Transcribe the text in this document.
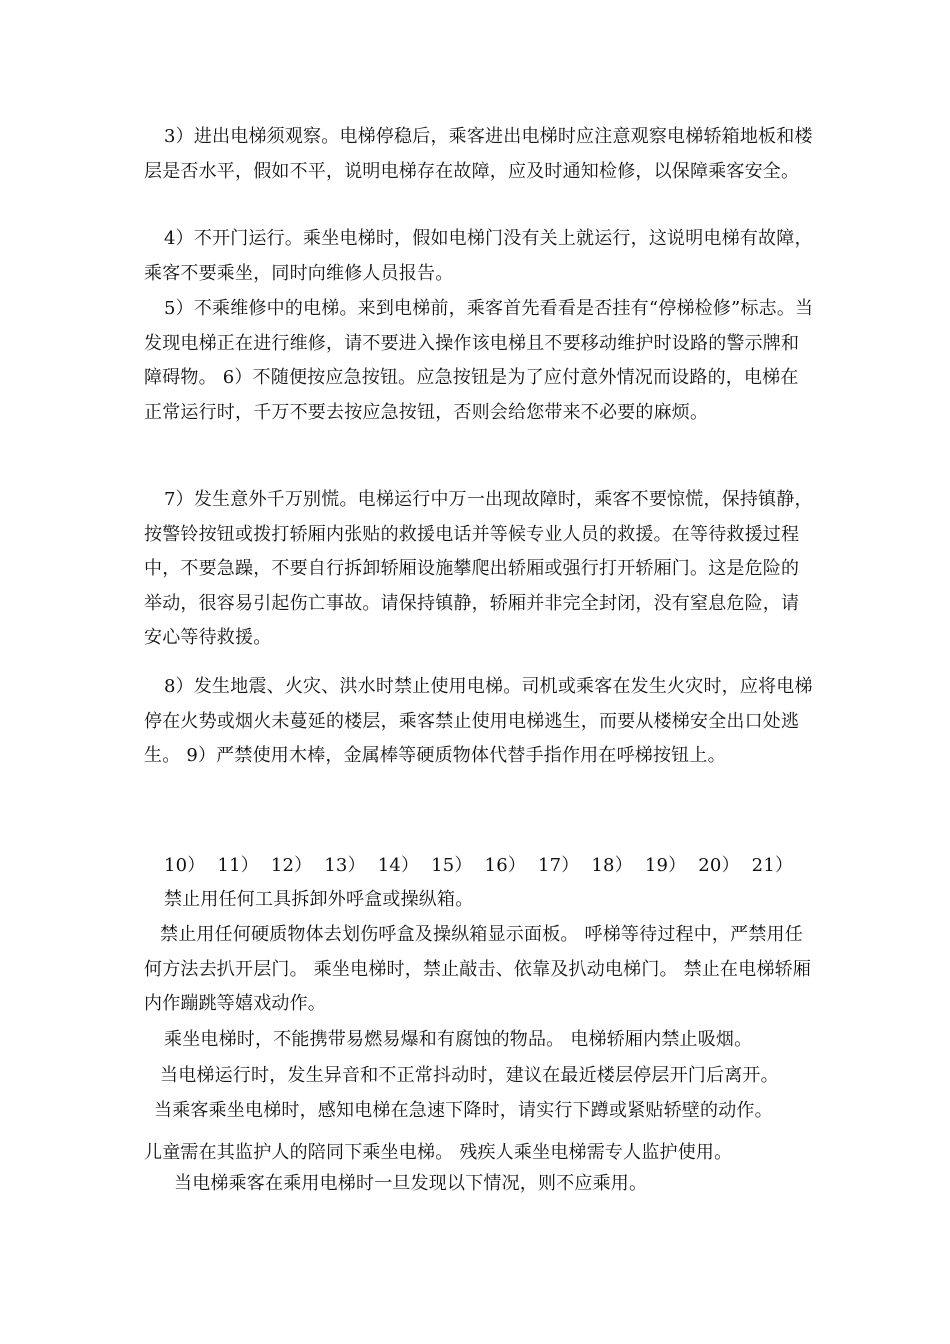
3）进出电梯须观察。电梯停稳后，乘客进出电梯时应注意观察电梯轿箱地板和楼层是否水平，假如不平，说明电梯存在故障，应及时通知检修，以保障乘客安全。

4）不开门运行。乘坐电梯时，假如电梯门没有关上就运行，这说明电梯有故障，乘客不要乘坐，同时向维修人员报告。

5）不乘维修中的电梯。来到电梯前，乘客首先看看是否挂有“停梯检修”标志。当发现电梯正在进行维修，请不要进入操作该电梯且不要移动维护时设路的警示牌和障碍物。 6）不随便按应急按钮。应急按钮是为了应付意外情况而设路的，电梯在正常运行时，千万不要去按应急按钮，否则会给您带来不必要的麻烦。

7）发生意外千万别慌。电梯运行中万一出现故障时，乘客不要惊慌，保持镇静，按警铃按钮或拨打轿厢内张贴的救援电话并等候专业人员的救援。在等待救援过程中，不要急躁，不要自行拆卸轿厢设施攀爬出轿厢或强行打开轿厢门。这是危险的举动，很容易引起伤亡事故。请保持镇静，轿厢并非完全封闭，没有窒息危险，请安心等待救援。

8）发生地震、火灾、洪水时禁止使用电梯。司机或乘客在发生火灾时，应将电梯停在火势或烟火未蔓延的楼层，乘客禁止使用电梯逃生，而要从楼梯安全出口处逃生。 9）严禁使用木棒，金属棒等硬质物体代替手指作用在呼梯按钮上。

10） 11） 12） 13） 14） 15） 16） 17） 18） 19） 20） 21）

禁止用任何工具拆卸外呼盒或操纵箱。

禁止用任何硬质物体去划伤呼盒及操纵箱显示面板。 呼梯等待过程中，严禁用任何方法去扒开层门。 乘坐电梯时，禁止敲击、依靠及扒动电梯门。 禁止在电梯轿厢内作蹦跳等嬉戏动作。

乘坐电梯时，不能携带易燃易爆和有腐蚀的物品。 电梯轿厢内禁止吸烟。

当电梯运行时，发生异音和不正常抖动时，建议在最近楼层停层开门后离开。

当乘客乘坐电梯时，感知电梯在急速下降时，请实行下蹲或紧贴轿壁的动作。

儿童需在其监护人的陪同下乘坐电梯。 残疾人乘坐电梯需专人监护使用。

当电梯乘客在乘用电梯时一旦发现以下情况，则不应乘用。
